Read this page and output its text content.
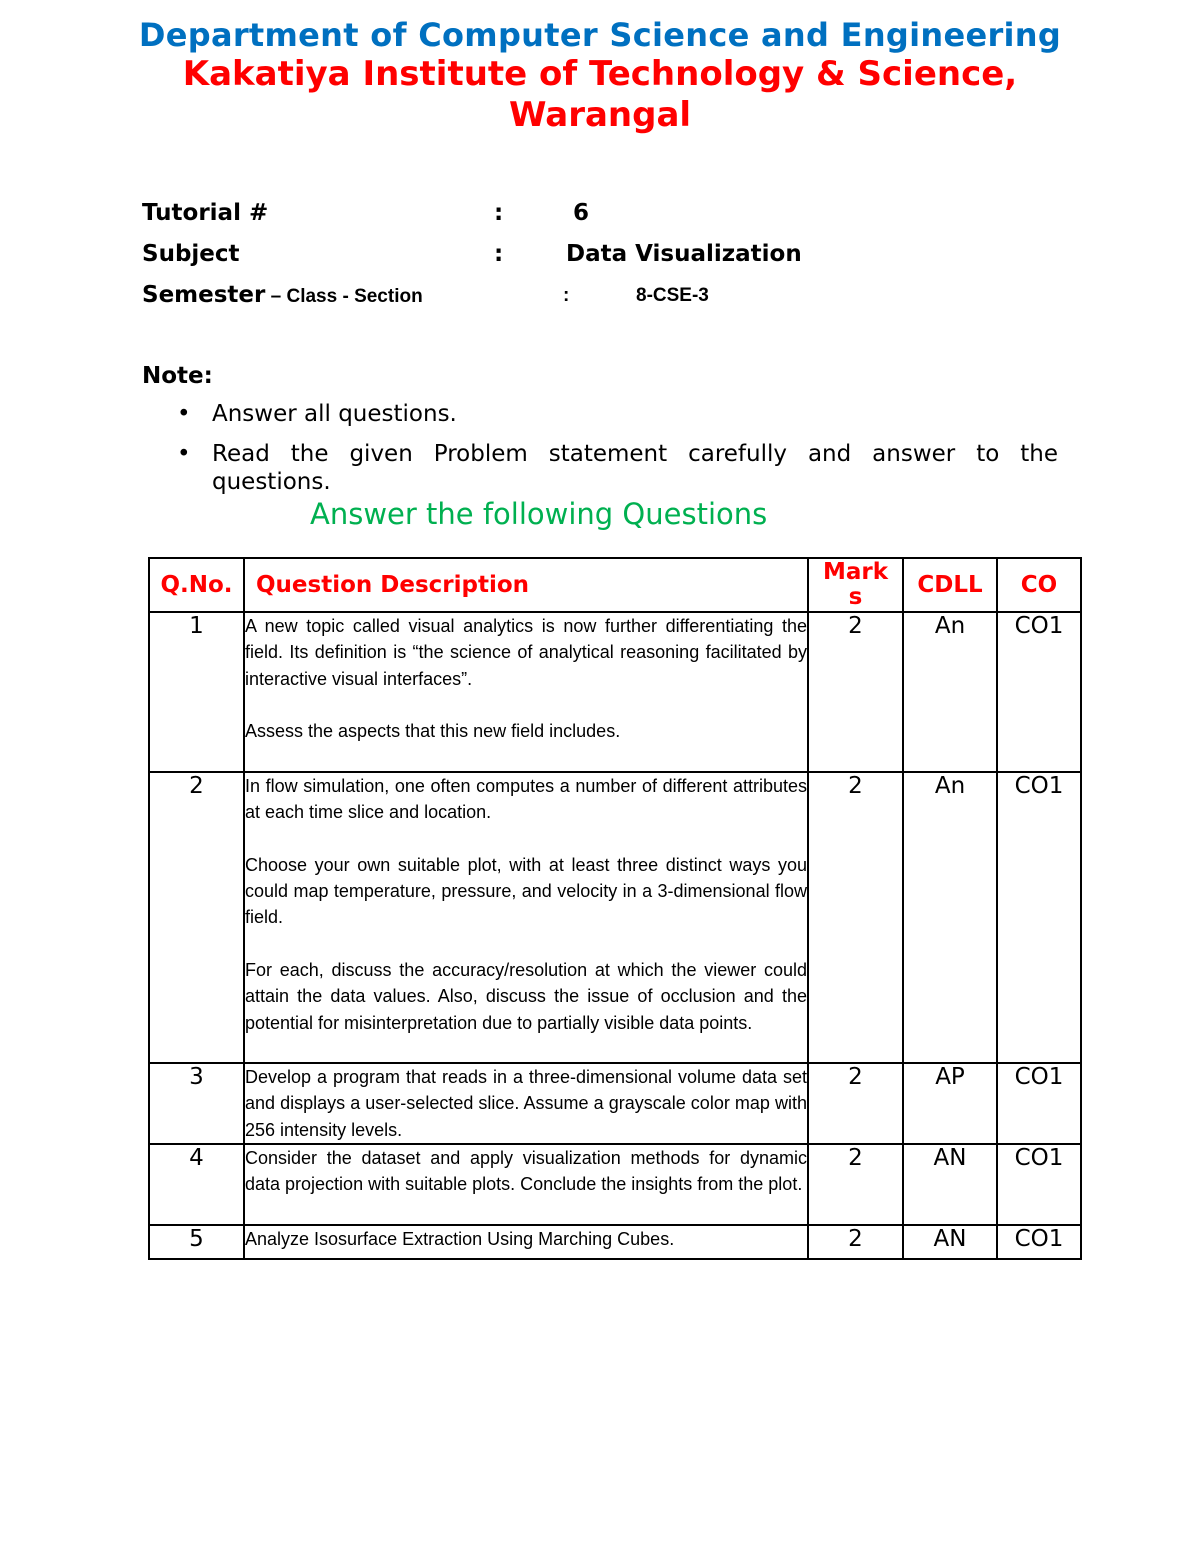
Department of Computer Science and Engineering
Kakatiya Institute of Technology & Science, Warangal
Tutorial #	:	6
Subject	:	Data Visualization
Semester – Class - Section	:	8-CSE-3
Note:
• Answer all questions.
• Read the given Problem statement carefully and answer to the questions.
Answer the following Questions
Q.No.	Question Description	Marks	CDLL	CO
1	A new topic called visual analytics is now further differentiating the field. Its definition is “the science of analytical reasoning facilitated by interactive visual interfaces”.

Assess the aspects that this new field includes.	2	An	CO1
2	In flow simulation, one often computes a number of different attributes at each time slice and location.

Choose your own suitable plot, with at least three distinct ways you could map temperature, pressure, and velocity in a 3-dimensional flow field.

For each, discuss the accuracy/resolution at which the viewer could attain the data values. Also, discuss the issue of occlusion and the potential for misinterpretation due to partially visible data points.	2	An	CO1
3	Develop a program that reads in a three-dimensional volume data set and displays a user-selected slice. Assume a grayscale color map with 256 intensity levels.	2	AP	CO1
4	Consider the dataset and apply visualization methods for dynamic data projection with suitable plots. Conclude the insights from the plot.	2	AN	CO1
5	Analyze Isosurface Extraction Using Marching Cubes.	2	AN	CO1
